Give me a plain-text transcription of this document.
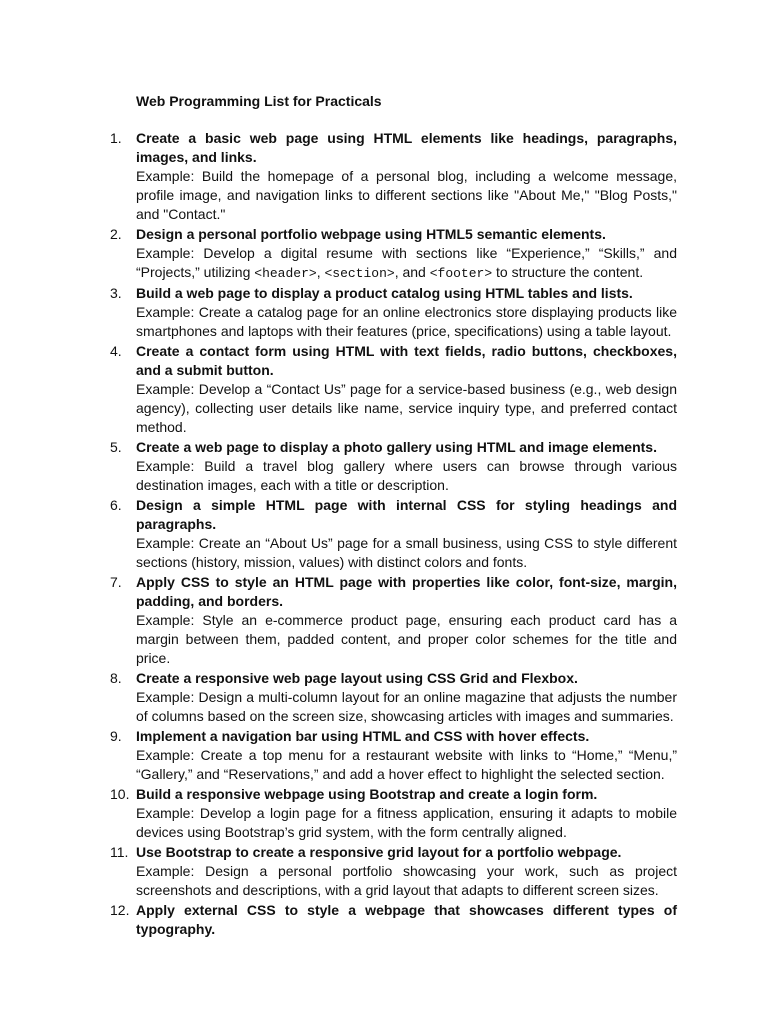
Web Programming List for Practicals
1.	Create a basic web page using HTML elements like headings, paragraphs, images, and links.
Example: Build the homepage of a personal blog, including a welcome message, profile image, and navigation links to different sections like "About Me," "Blog Posts," and "Contact."
2.	Design a personal portfolio webpage using HTML5 semantic elements.
Example: Develop a digital resume with sections like “Experience,” “Skills,” and “Projects,” utilizing <header>, <section>, and <footer> to structure the content.
3.	Build a web page to display a product catalog using HTML tables and lists.
Example: Create a catalog page for an online electronics store displaying products like smartphones and laptops with their features (price, specifications) using a table layout.
4.	Create a contact form using HTML with text fields, radio buttons, checkboxes, and a submit button.
Example: Develop a “Contact Us” page for a service-based business (e.g., web design agency), collecting user details like name, service inquiry type, and preferred contact method.
5.	Create a web page to display a photo gallery using HTML and image elements.
Example: Build a travel blog gallery where users can browse through various destination images, each with a title or description.
6.	Design a simple HTML page with internal CSS for styling headings and paragraphs.
Example: Create an “About Us” page for a small business, using CSS to style different sections (history, mission, values) with distinct colors and fonts.
7.	Apply CSS to style an HTML page with properties like color, font-size, margin, padding, and borders.
Example: Style an e-commerce product page, ensuring each product card has a margin between them, padded content, and proper color schemes for the title and price.
8.	Create a responsive web page layout using CSS Grid and Flexbox.
Example: Design a multi-column layout for an online magazine that adjusts the number of columns based on the screen size, showcasing articles with images and summaries.
9.	Implement a navigation bar using HTML and CSS with hover effects.
Example: Create a top menu for a restaurant website with links to “Home,” “Menu,” “Gallery,” and “Reservations,” and add a hover effect to highlight the selected section.
10. Build a responsive webpage using Bootstrap and create a login form.
Example: Develop a login page for a fitness application, ensuring it adapts to mobile devices using Bootstrap’s grid system, with the form centrally aligned.
11. Use Bootstrap to create a responsive grid layout for a portfolio webpage.
Example: Design a personal portfolio showcasing your work, such as project screenshots and descriptions, with a grid layout that adapts to different screen sizes.
12. Apply external CSS to style a webpage that showcases different types of typography.
